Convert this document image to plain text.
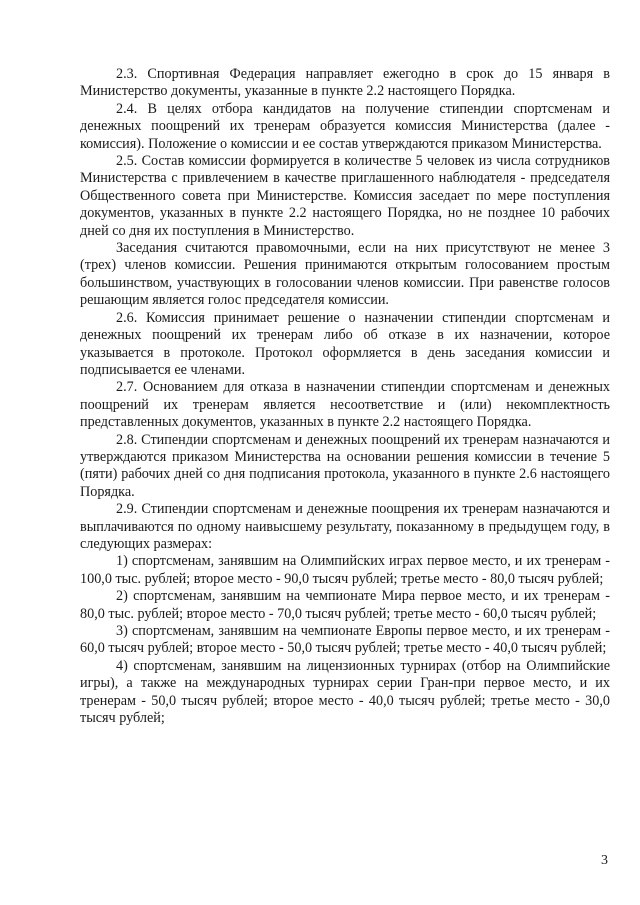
2.3. Спортивная Федерация направляет ежегодно в срок до 15 января в Министерство документы, указанные в пункте 2.2 настоящего Порядка.

2.4. В целях отбора кандидатов на получение стипендии спортсменам и денежных поощрений их тренерам образуется комиссия Министерства (далее - комиссия). Положение о комиссии и ее состав утверждаются приказом Министерства.

2.5. Состав комиссии формируется в количестве 5 человек из числа сотрудников Министерства с привлечением в качестве приглашенного наблюдателя - председателя Общественного совета при Министерстве. Комиссия заседает по мере поступления документов, указанных в пункте 2.2 настоящего Порядка, но не позднее 10 рабочих дней со дня их поступления в Министерство.

Заседания считаются правомочными, если на них присутствуют не менее 3 (трех) членов комиссии. Решения принимаются открытым голосованием простым большинством, участвующих в голосовании членов комиссии. При равенстве голосов решающим является голос председателя комиссии.

2.6. Комиссия принимает решение о назначении стипендии спортсменам и денежных поощрений их тренерам либо об отказе в их назначении, которое указывается в протоколе. Протокол оформляется в день заседания комиссии и подписывается ее членами.

2.7. Основанием для отказа в назначении стипендии спортсменам и денежных поощрений их тренерам является несоответствие и (или) некомплектность представленных документов, указанных в пункте 2.2 настоящего Порядка.

2.8. Стипендии спортсменам и денежных поощрений их тренерам назначаются и утверждаются приказом Министерства на основании решения комиссии в течение 5 (пяти) рабочих дней со дня подписания протокола, указанного в пункте 2.6 настоящего Порядка.

2.9. Стипендии спортсменам и денежные поощрения их тренерам назначаются и выплачиваются по одному наивысшему результату, показанному в предыдущем году, в следующих размерах:

1) спортсменам, занявшим на Олимпийских играх первое место, и их тренерам - 100,0 тыс. рублей; второе место - 90,0 тысяч рублей; третье место - 80,0 тысяч рублей;

2) спортсменам, занявшим на чемпионате Мира первое место, и их тренерам - 80,0 тыс. рублей; второе место - 70,0 тысяч рублей; третье место - 60,0 тысяч рублей;

3) спортсменам, занявшим на чемпионате Европы первое место, и их тренерам - 60,0 тысяч рублей; второе место - 50,0 тысяч рублей; третье место - 40,0 тысяч рублей;

4) спортсменам, занявшим на лицензионных турнирах (отбор на Олимпийские игры), а также на международных турнирах серии Гран-при первое место, и их тренерам - 50,0 тысяч рублей; второе место - 40,0 тысяч рублей; третье место - 30,0 тысяч рублей;

3
